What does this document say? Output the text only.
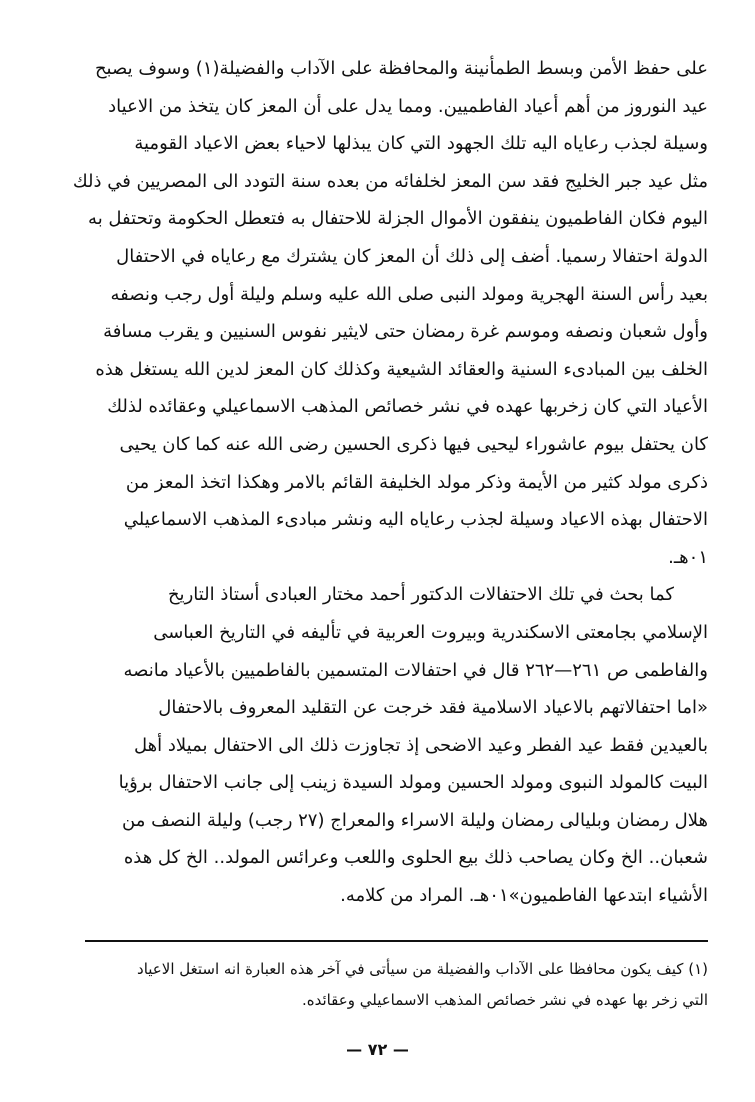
على حفظ الأمن وبسط الطمأنينة والمحافظة على الآداب والفضيلة(١) وسوف يصبح

عيد النوروز من أهم أعياد الفاطميين. ومما يدل على أن المعز كان يتخذ من الاعياد

وسيلة لجذب رعاياه اليه تلك الجهود التي كان يبذلها لاحياء بعض الاعياد القومية

مثل عيد جبر الخليج فقد سن المعز لخلفائه من بعده سنة التودد الى المصريين في ذلك

اليوم فكان الفاطميون ينفقون الأموال الجزلة للاحتفال به فتعطل الحكومة وتحتفل به

الدولة احتفالا رسميا. أضف إلى ذلك أن المعز كان يشترك مع رعاياه في الاحتفال

بعيد رأس السنة الهجرية ومولد النبى صلى الله عليه وسلم وليلة أول رجب ونصفه

وأول شعبان ونصفه وموسم غرة رمضان حتى لايثير نفوس السنيين و يقرب مسافة

الخلف بين المبادىء السنية والعقائد الشيعية وكذلك كان المعز لدين الله يستغل هذه

الأعياد التي كان زخربها عهده في نشر خصائص المذهب الاسماعيلي وعقائده لذلك

كان يحتفل بيوم عاشوراء ليحيى فيها ذكرى الحسين رضى الله عنه كما كان يحيى

ذكرى مولد كثير من الأيمة وذكر مولد الخليفة القائم بالامر وهكذا اتخذ المعز من

الاحتفال بهذه الاعياد وسيلة لجذب رعاياه اليه ونشر مبادىء المذهب الاسماعيلي

٠١هـ.

كما بحث في تلك الاحتفالات الدكتور أحمد مختار العبادى أستاذ التاريخ

الإسلامي بجامعتى الاسكندرية وبيروت العربية في تأليفه في التاريخ العباسى

والفاطمى ص ٢٦١—٢٦٢ قال في احتفالات المتسمين بالفاطميين بالأعياد مانصه

«اما احتفالاتهم بالاعياد الاسلامية فقد خرجت عن التقليد المعروف بالاحتفال

بالعيدين فقط عيد الفطر وعيد الاضحى إذ تجاوزت ذلك الى الاحتفال بميلاد أهل

البيت كالمولد النبوى ومولد الحسين ومولد السيدة زينب إلى جانب الاحتفال برؤيا

هلال رمضان وبليالى رمضان وليلة الاسراء والمعراج (٢٧ رجب) وليلة النصف من

شعبان.. الخ وكان يصاحب ذلك بيع الحلوى واللعب وعرائس المولد.. الخ كل هذه

الأشياء ابتدعها الفاطميون»٠١هـ. المراد من كلامه.

(١) كيف يكون محافظا على الآداب والفضيلة من سيأتى في آخر هذه العبارة انه استغل الاعياد

التي زخر بها عهده في نشر خصائص المذهب الاسماعيلي وعقائده.

— ٧٢ —
